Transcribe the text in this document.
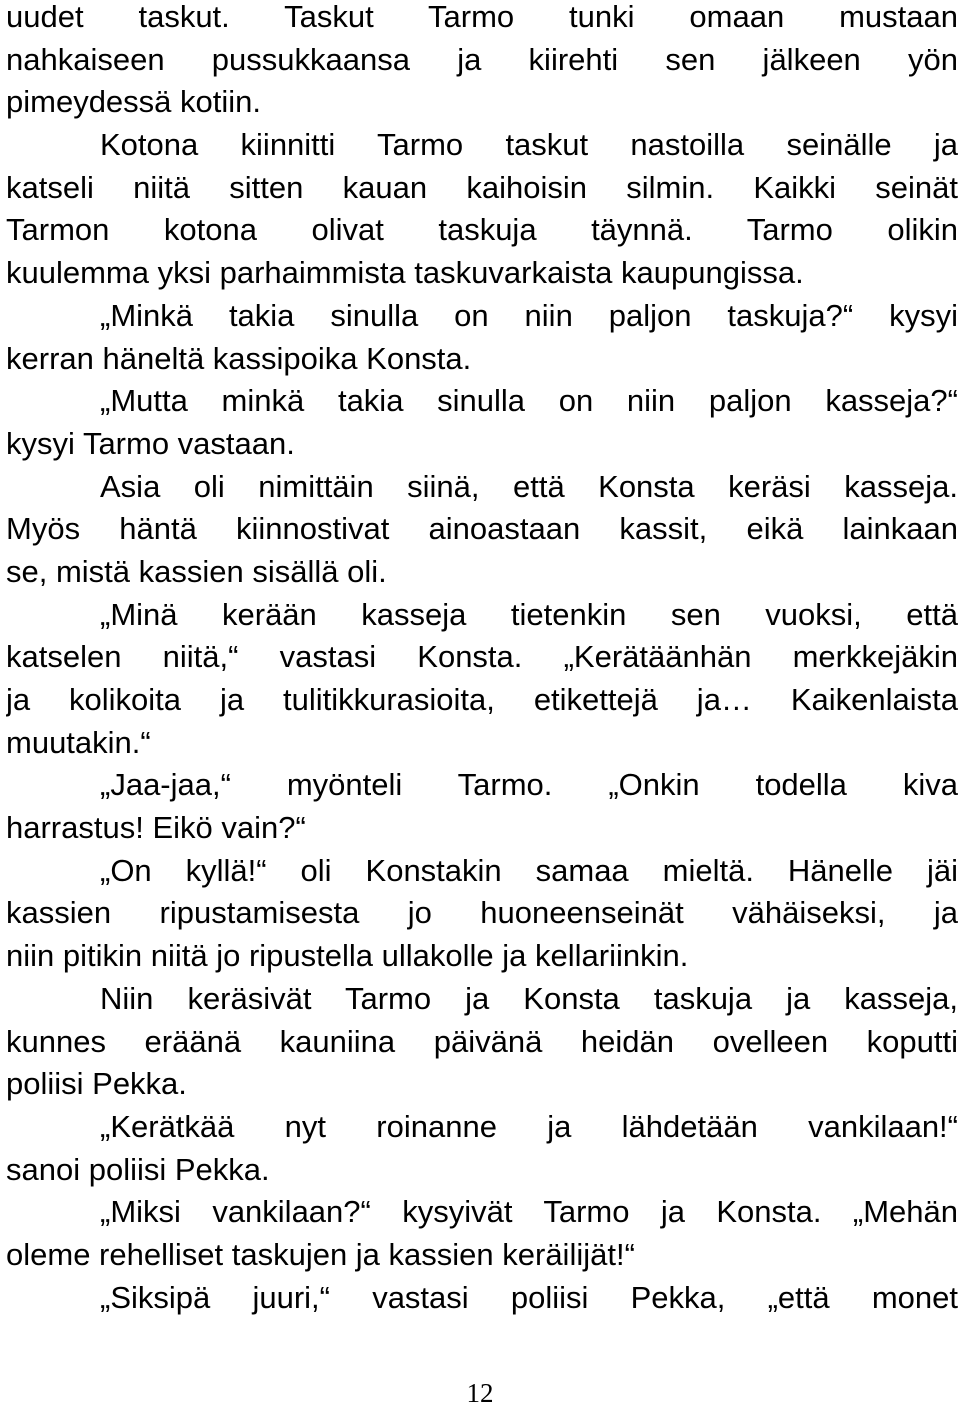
uudet taskut. Taskut Tarmo tunki omaan mustaan
nahkaiseen pussukkaansa ja kiirehti sen jälkeen yön
pimeydessä kotiin.
Kotona kiinnitti Tarmo taskut nastoilla seinälle ja
katseli niitä sitten kauan kaihoisin silmin. Kaikki seinät
Tarmon kotona olivat taskuja täynnä. Tarmo olikin
kuulemma yksi parhaimmista taskuvarkaista kaupungissa.
„Minkä takia sinulla on niin paljon taskuja?“ kysyi
kerran häneltä kassipoika Konsta.
„Mutta minkä takia sinulla on niin paljon kasseja?“
kysyi Tarmo vastaan.
Asia oli nimittäin siinä, että Konsta keräsi kasseja.
Myös häntä kiinnostivat ainoastaan kassit, eikä lainkaan
se, mistä kassien sisällä oli.
„Minä kerään kasseja tietenkin sen vuoksi, että
katselen niitä,“ vastasi Konsta. „Kerätäänhän merkkejäkin
ja kolikoita ja tulitikkurasioita, etikettejä ja… Kaikenlaista
muutakin.“
„Jaa-jaa,“ myönteli Tarmo. „Onkin todella kiva
harrastus! Eikö vain?“
„On kyllä!“ oli Konstakin samaa mieltä. Hänelle jäi
kassien ripustamisesta jo huoneenseinät vähäiseksi, ja
niin pitikin niitä jo ripustella ullakolle ja kellariinkin.
Niin keräsivät Tarmo ja Konsta taskuja ja kasseja,
kunnes eräänä kauniina päivänä heidän ovelleen koputti
poliisi Pekka.
„Kerätkää nyt roinanne ja lähdetään vankilaan!“
sanoi poliisi Pekka.
„Miksi vankilaan?“ kysyivät Tarmo ja Konsta. „Mehän
oleme rehelliset taskujen ja kassien keräilijät!“
„Siksipä juuri,“ vastasi poliisi Pekka, „että monet
12
